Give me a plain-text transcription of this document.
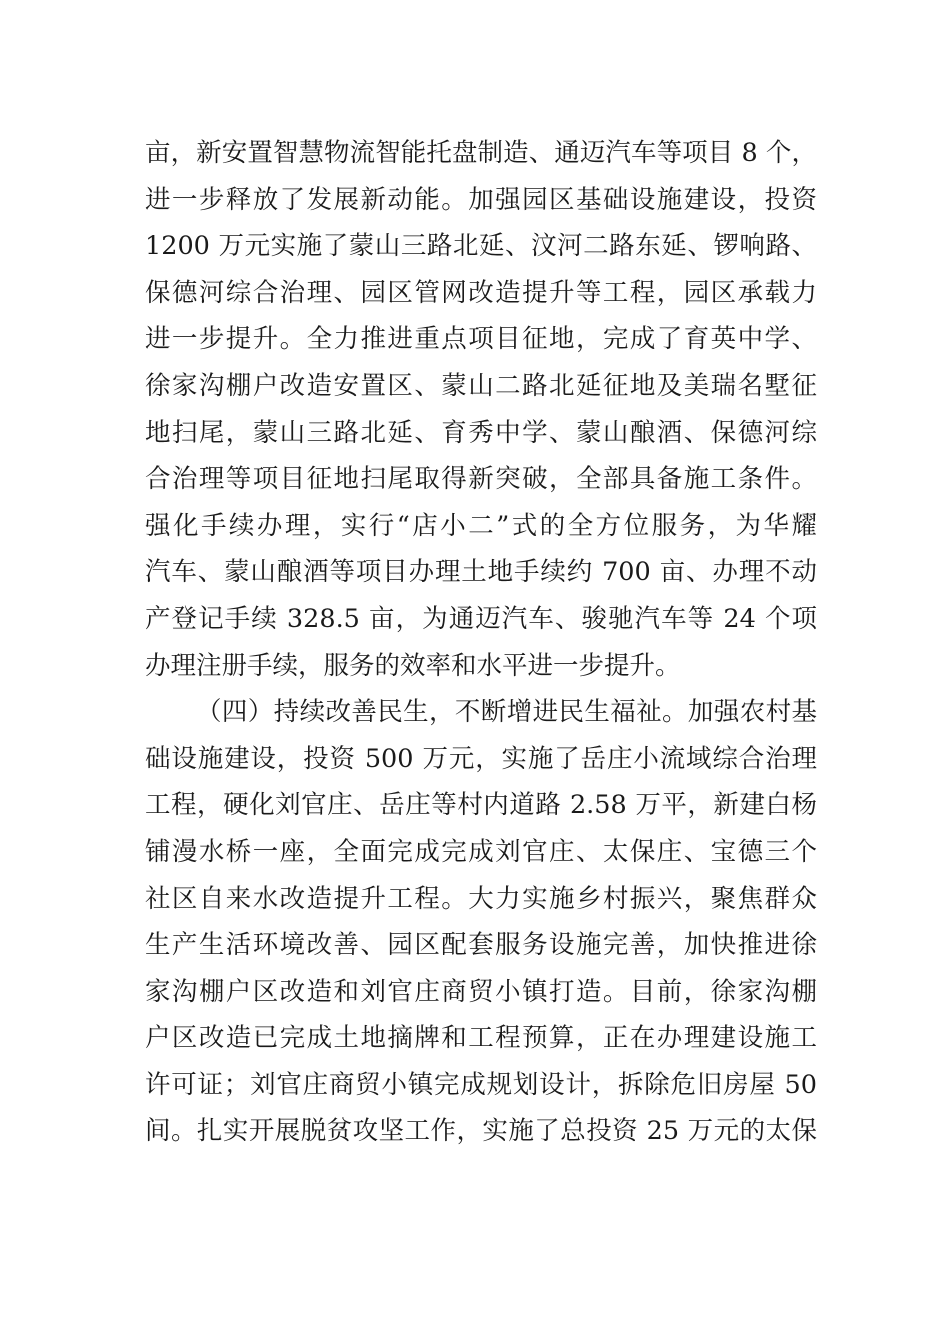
亩，新安置智慧物流智能托盘制造、通迈汽车等项目 8 个，
进一步释放了发展新动能。加强园区基础设施建设，投资
1200 万元实施了蒙山三路北延、汶河二路东延、锣响路、
保德河综合治理、园区管网改造提升等工程，园区承载力
进一步提升。全力推进重点项目征地，完成了育英中学、
徐家沟棚户改造安置区、蒙山二路北延征地及美瑞名墅征
地扫尾，蒙山三路北延、育秀中学、蒙山酿酒、保德河综
合治理等项目征地扫尾取得新突破，全部具备施工条件。
强化手续办理，实行“店小二”式的全方位服务，为华耀
汽车、蒙山酿酒等项目办理土地手续约 700 亩、办理不动
产登记手续 328.5 亩，为通迈汽车、骏驰汽车等 24 个项
办理注册手续，服务的效率和水平进一步提升。
（四）持续改善民生，不断增进民生福祉。加强农村基
础设施建设，投资 500 万元，实施了岳庄小流域综合治理
工程，硬化刘官庄、岳庄等村内道路 2.58 万平，新建白杨
铺漫水桥一座，全面完成完成刘官庄、太保庄、宝德三个
社区自来水改造提升工程。大力实施乡村振兴，聚焦群众
生产生活环境改善、园区配套服务设施完善，加快推进徐
家沟棚户区改造和刘官庄商贸小镇打造。目前，徐家沟棚
户区改造已完成土地摘牌和工程预算，正在办理建设施工
许可证；刘官庄商贸小镇完成规划设计，拆除危旧房屋 50
间。扎实开展脱贫攻坚工作，实施了总投资 25 万元的太保
